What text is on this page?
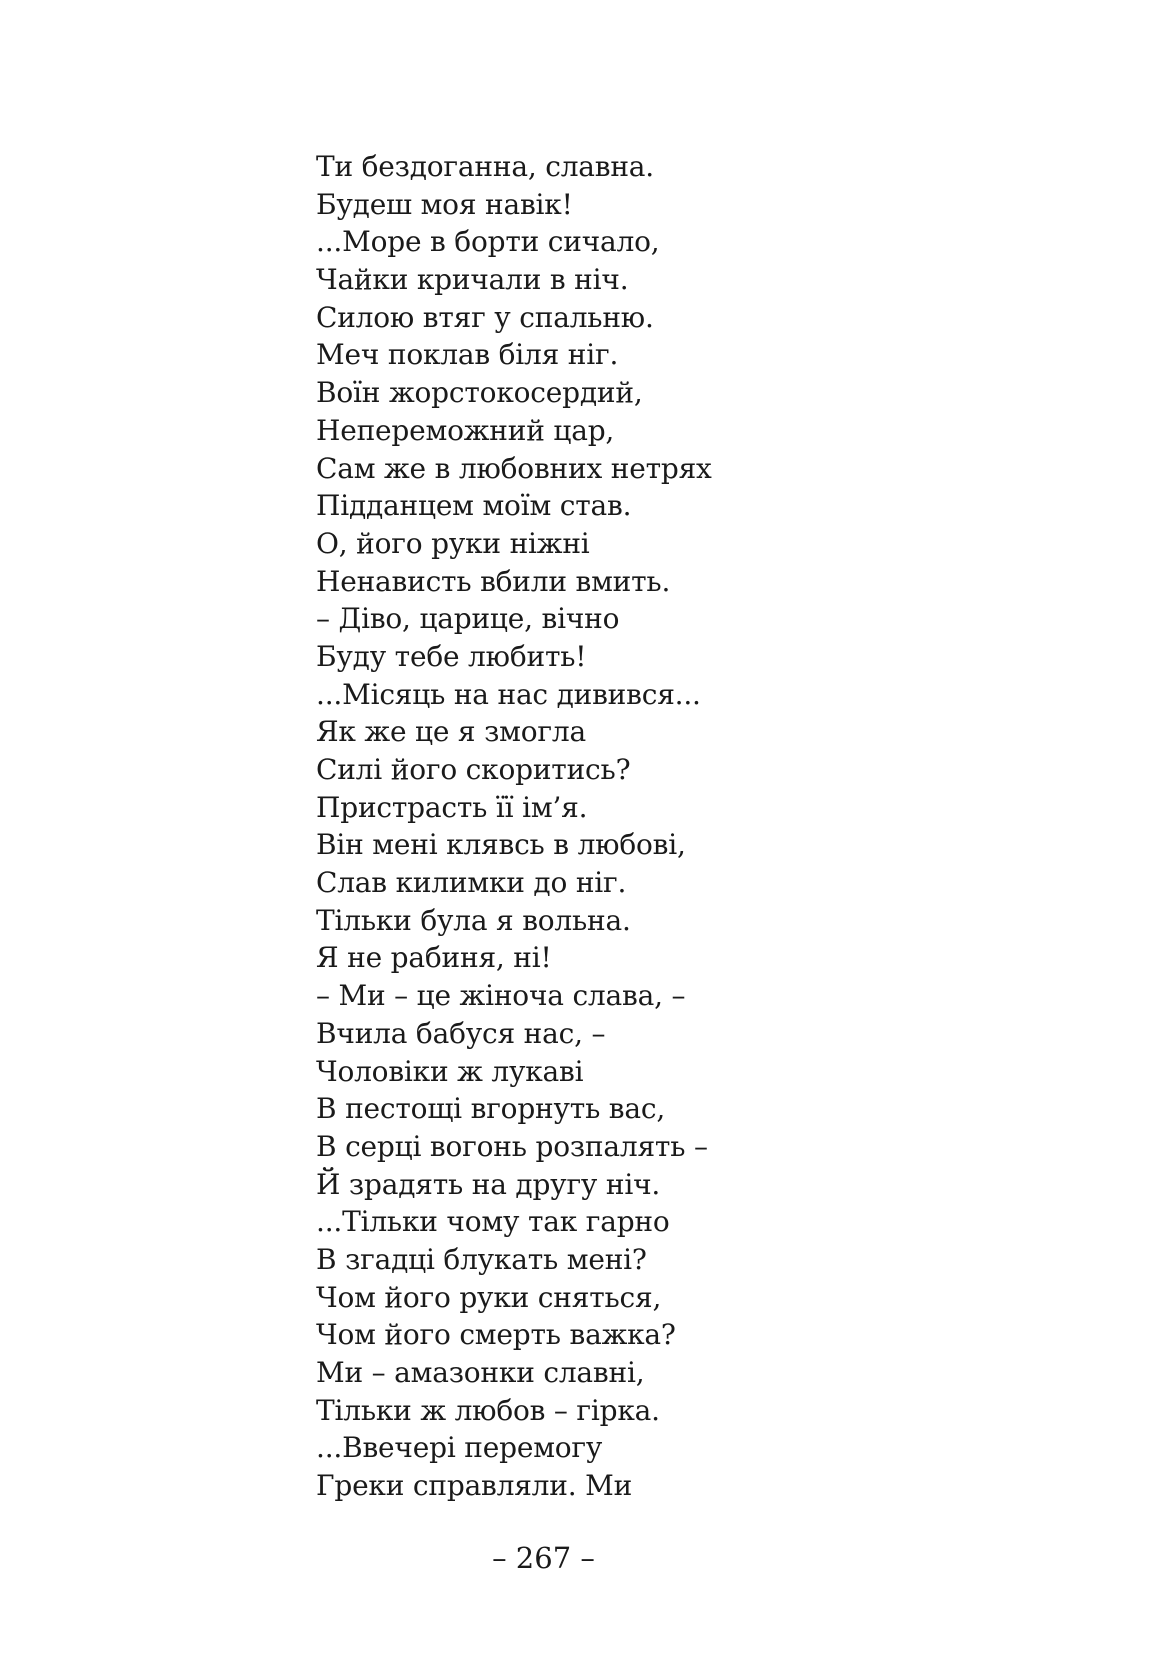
Ти бездоганна, славна.
Будеш моя навік!
...Море в борти сичало,
Чайки кричали в ніч.
Силою втяг у спальню.
Меч поклав біля ніг.
Воїн жорстокосердий,
Непереможний цар,
Сам же в любовних нетрях
Підданцем моїм став.
О, його руки ніжні
Ненависть вбили вмить.
– Діво, царице, вічно
Буду тебе любить!
...Місяць на нас дивився...
Як же це я змогла
Силі його скоритись?
Пристрасть її ім’я.
Він мені клявсь в любові,
Слав килимки до ніг.
Тільки була я вольна.
Я не рабиня, ні!
– Ми – це жіноча слава, –
Вчила бабуся нас, –
Чоловіки ж лукаві
В пестощі вгорнуть вас,
В серці вогонь розпалять –
Й зрадять на другу ніч.
...Тільки чому так гарно
В згадці блукать мені?
Чом його руки сняться,
Чом його смерть важка?
Ми – амазонки славні,
Тільки ж любов – гірка.
...Ввечері перемогу
Греки справляли. Ми
– 267 –
